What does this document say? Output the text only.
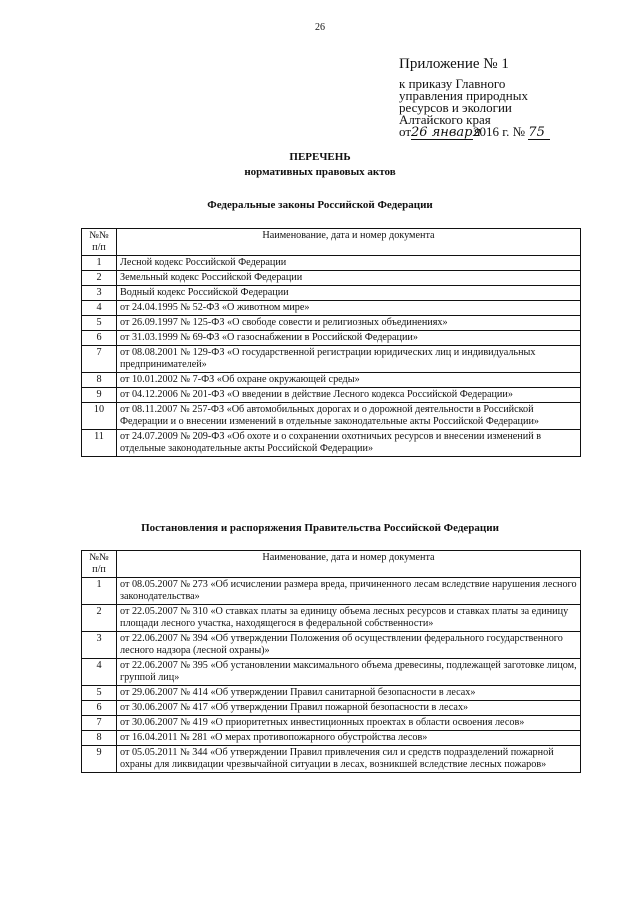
26
Приложение № 1
к приказу Главного
управления природных
ресурсов и экологии
Алтайского края
от26 января2016 г. № 75
ПЕРЕЧЕНЬ
нормативных правовых актов
Федеральные законы Российской Федерации
№№ п/п	Наименование, дата и номер документа
1	Лесной кодекс Российской Федерации
2	Земельный кодекс Российской Федерации
3	Водный кодекс Российской Федерации
4	от 24.04.1995 № 52-ФЗ «О животном мире»
5	от 26.09.1997 № 125-ФЗ «О свободе совести и религиозных объединениях»
6	от 31.03.1999 № 69-ФЗ «О газоснабжении в Российской Федерации»
7	от 08.08.2001 № 129-ФЗ «О государственной регистрации юридических лиц и индивидуальных предпринимателей»
8	от 10.01.2002 № 7-ФЗ «Об охране окружающей среды»
9	от 04.12.2006 № 201-ФЗ «О введении в действие Лесного кодекса Российской Федерации»
10	от 08.11.2007 № 257-ФЗ «Об автомобильных дорогах и о дорожной деятельности в Российской Федерации и о внесении изменений в отдельные законодательные акты Российской Федерации»
11	от 24.07.2009 № 209-ФЗ «Об охоте и о сохранении охотничьих ресурсов и внесении изменений в отдельные законодательные акты Российской Федерации»
Постановления и распоряжения Правительства Российской Федерации
№№ п/п	Наименование, дата и номер документа
1	от 08.05.2007 № 273 «Об исчислении размера вреда, причиненного лесам вследствие нарушения лесного законодательства»
2	от 22.05.2007 № 310 «О ставках платы за единицу объема лесных ресурсов и ставках платы за единицу площади лесного участка, находящегося в федеральной собственности»
3	от 22.06.2007 № 394 «Об утверждении Положения об осуществлении федерального государственного лесного надзора (лесной охраны)»
4	от 22.06.2007 № 395 «Об установлении максимального объема древесины, подлежащей заготовке лицом, группой лиц»
5	от 29.06.2007 № 414 «Об утверждении Правил санитарной безопасности в лесах»
6	от 30.06.2007 № 417 «Об утверждении Правил пожарной безопасности в лесах»
7	от 30.06.2007 № 419 «О приоритетных инвестиционных проектах в области освоения лесов»
8	от 16.04.2011 № 281 «О мерах противопожарного обустройства лесов»
9	от 05.05.2011 № 344 «Об утверждении Правил привлечения сил и средств подразделений пожарной охраны для ликвидации чрезвычайной ситуации в лесах, возникшей вследствие лесных пожаров»
